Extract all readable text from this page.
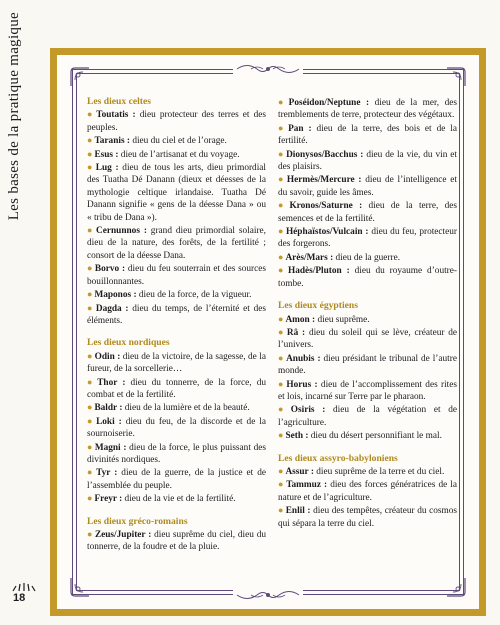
Les bases de la pratique magique	Les dieux celtes

● Toutatis : dieu protecteur des terres et des peuples.

● Taranis : dieu du ciel et de l’orage.

● Esus : dieu de l’artisanat et du voyage.

● Lug : dieu de tous les arts, dieu primordial des Tuatha Dé Danann (dieux et déesses de la mythologie celtique irlandaise. Tuatha Dé Danann signifie « gens de la déesse Dana » ou « tribu de Dana »).

● Cernunnos : grand dieu primordial solaire, dieu de la nature, des forêts, de la fertilité ; consort de la déesse Dana.

● Borvo : dieu du feu souterrain et des sources bouillonnantes.

● Maponos : dieu de la force, de la vigueur.

● Dagda : dieu du temps, de l’éternité et des éléments.

Les dieux nordiques

● Odin : dieu de la victoire, de la sagesse, de la fureur, de la sorcellerie…

● Thor : dieu du tonnerre, de la force, du combat et de la fertilité.

● Baldr : dieu de la lumière et de la beauté.

● Loki : dieu du feu, de la discorde et de la sournoiserie.

● Magni : dieu de la force, le plus puissant des divinités nordiques.

● Tyr : dieu de la guerre, de la justice et de l’assemblée du peuple.

● Freyr : dieu de la vie et de la fertilité.

Les dieux gréco-romains

● Zeus/Jupiter : dieu suprême du ciel, dieu du tonnerre, de la foudre et de la pluie.

● Poséidon/Neptune : dieu de la mer, des tremblements de terre, protecteur des végétaux.

● Pan : dieu de la terre, des bois et de la fertilité.

● Dionysos/Bacchus : dieu de la vie, du vin et des plaisirs.

● Hermès/Mercure : dieu de l’intelligence et du savoir, guide les âmes.

● Kronos/Saturne : dieu de la terre, des semences et de la fertilité.

● Héphaïstos/Vulcain : dieu du feu, protecteur des forgerons.

● Arès/Mars : dieu de la guerre.

● Hadès/Pluton : dieu du royaume d’outre-tombe.

Les dieux égyptiens

● Amon : dieu suprême.

● Râ : dieu du soleil qui se lève, créateur de l’univers.

● Anubis : dieu présidant le tribunal de l’autre monde.

● Horus : dieu de l’accomplissement des rites et lois, incarné sur Terre par le pharaon.

● Osiris : dieu de la végétation et de l’agriculture.

● Seth : dieu du désert personnifiant le mal.

Les dieux assyro-babyloniens

● Assur : dieu suprême de la terre et du ciel.

● Tammuz : dieu des forces génératrices de la nature et de l’agriculture.

● Enlil : dieu des tempêtes, créateur du cosmos qui sépara la terre du ciel.

18
